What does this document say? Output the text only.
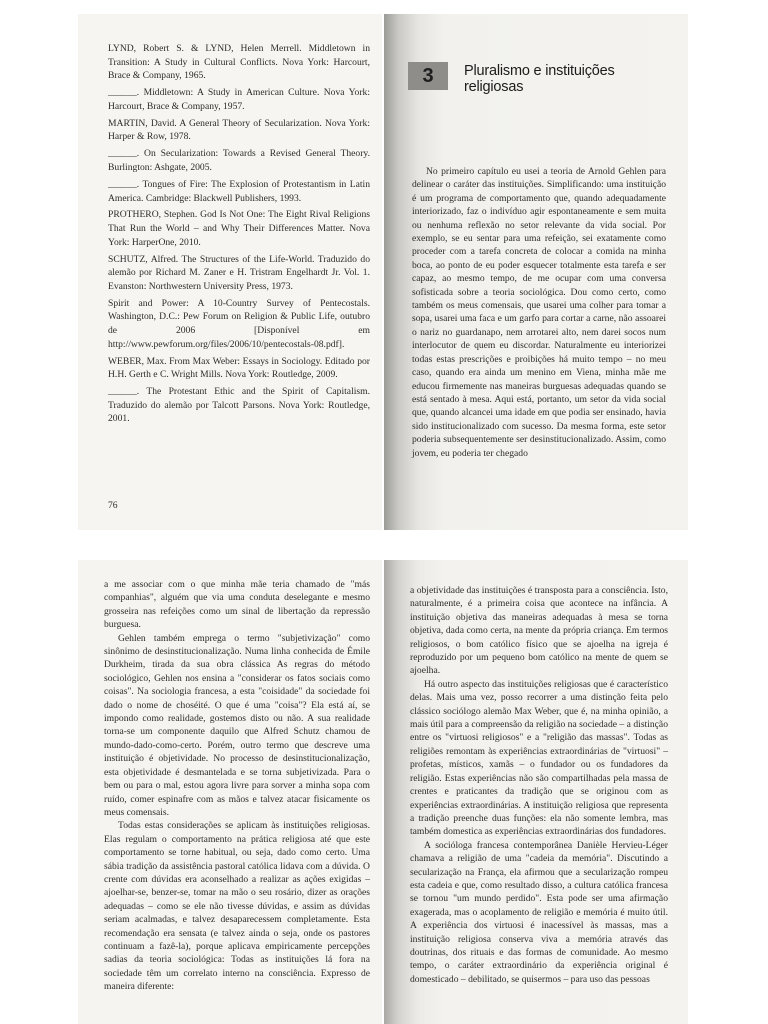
LYND, Robert S. & LYND, Helen Merrell. Middletown in Transition: A Study in Cultural Conflicts. Nova York: Harcourt, Brace & Company, 1965.

______. Middletown: A Study in American Culture. Nova York: Harcourt, Brace & Company, 1957.

MARTIN, David. A General Theory of Secularization. Nova York: Harper & Row, 1978.

______. On Secularization: Towards a Revised General Theory. Burlington: Ashgate, 2005.

______. Tongues of Fire: The Explosion of Protestantism in Latin America. Cambridge: Blackwell Publishers, 1993.

PROTHERO, Stephen. God Is Not One: The Eight Rival Religions That Run the World – and Why Their Differences Matter. Nova York: HarperOne, 2010.

SCHUTZ, Alfred. The Structures of the Life-World. Traduzido do alemão por Richard M. Zaner e H. Tristram Engelhardt Jr. Vol. 1. Evanston: Northwestern University Press, 1973.

Spirit and Power: A 10-Country Survey of Pentecostals. Washington, D.C.: Pew Forum on Religion & Public Life, outubro de 2006 [Disponível em http://www.pewforum.org/files/2006/10/pentecostals-08.pdf].

WEBER, Max. From Max Weber: Essays in Sociology. Editado por H.H. Gerth e C. Wright Mills. Nova York: Routledge, 2009.

______. The Protestant Ethic and the Spirit of Capitalism. Traduzido do alemão por Talcott Parsons. Nova York: Routledge, 2001.

76
3	Pluralismo e instituições religiosas

No primeiro capítulo eu usei a teoria de Arnold Gehlen para delinear o caráter das instituições. Simplificando: uma instituição é um programa de comportamento que, quando adequadamente interiorizado, faz o indivíduo agir espontaneamente e sem muita ou nenhuma reflexão no setor relevante da vida social. Por exemplo, se eu sentar para uma refeição, sei exatamente como proceder com a tarefa concreta de colocar a comida na minha boca, ao ponto de eu poder esquecer totalmente esta tarefa e ser capaz, ao mesmo tempo, de me ocupar com uma conversa sofisticada sobre a teoria sociológica. Dou como certo, como também os meus comensais, que usarei uma colher para tomar a sopa, usarei uma faca e um garfo para cortar a carne, não assoarei o nariz no guardanapo, nem arrotarei alto, nem darei socos num interlocutor de quem eu discordar. Naturalmente eu interiorizei todas estas prescrições e proibições há muito tempo – no meu caso, quando era ainda um menino em Viena, minha mãe me educou firmemente nas maneiras burguesas adequadas quando se está sentado à mesa. Aqui está, portanto, um setor da vida social que, quando alcancei uma idade em que podia ser ensinado, havia sido institucionalizado com sucesso. Da mesma forma, este setor poderia subsequentemente ser desinstitucionalizado. Assim, como jovem, eu poderia ter chegado

a me associar com o que minha mãe teria chamado de "más companhias", alguém que via uma conduta deselegante e mesmo grosseira nas refeições como um sinal de libertação da repressão burguesa.

Gehlen também emprega o termo "subjetivização" como sinônimo de desinstitucionalização. Numa linha conhecida de Émile Durkheim, tirada da sua obra clássica As regras do método sociológico, Gehlen nos ensina a "considerar os fatos sociais como coisas". Na sociologia francesa, a esta "coisidade" da sociedade foi dado o nome de choséité. O que é uma "coisa"? Ela está aí, se impondo como realidade, gostemos disto ou não. A sua realidade torna-se um componente daquilo que Alfred Schutz chamou de mundo-dado-como-certo. Porém, outro termo que descreve uma instituição é objetividade. No processo de desinstitucionalização, esta objetividade é desmantelada e se torna subjetivizada. Para o bem ou para o mal, estou agora livre para sorver a minha sopa com ruído, comer espinafre com as mãos e talvez atacar fisicamente os meus comensais.

Todas estas considerações se aplicam às instituições religiosas. Elas regulam o comportamento na prática religiosa até que este comportamento se torne habitual, ou seja, dado como certo. Uma sábia tradição da assistência pastoral católica lidava com a dúvida. O crente com dúvidas era aconselhado a realizar as ações exigidas – ajoelhar-se, benzer-se, tomar na mão o seu rosário, dizer as orações adequadas – como se ele não tivesse dúvidas, e assim as dúvidas seriam acalmadas, e talvez desaparecessem completamente. Esta recomendação era sensata (e talvez ainda o seja, onde os pastores continuam a fazê-la), porque aplicava empiricamente percepções sadias da teoria sociológica: Todas as instituições lá fora na sociedade têm um correlato interno na consciência. Expresso de maneira diferente:

a objetividade das instituições é transposta para a consciência. Isto, naturalmente, é a primeira coisa que acontece na infância. A instituição objetiva das maneiras adequadas à mesa se torna objetiva, dada como certa, na mente da própria criança. Em termos religiosos, o bom católico físico que se ajoelha na igreja é reproduzido por um pequeno bom católico na mente de quem se ajoelha.

Há outro aspecto das instituições religiosas que é característico delas. Mais uma vez, posso recorrer a uma distinção feita pelo clássico sociólogo alemão Max Weber, que é, na minha opinião, a mais útil para a compreensão da religião na sociedade – a distinção entre os "virtuosi religiosos" e a "religião das massas". Todas as religiões remontam às experiências extraordinárias de "virtuosi" – profetas, místicos, xamãs – o fundador ou os fundadores da religião. Estas experiências não são compartilhadas pela massa de crentes e praticantes da tradição que se originou com as experiências extraordinárias. A instituição religiosa que representa a tradição preenche duas funções: ela não somente lembra, mas também domestica as experiências extraordinárias dos fundadores.

A socióloga francesa contemporânea Danièle Hervieu-Léger chamava a religião de uma "cadeia da memória". Discutindo a secularização na França, ela afirmou que a secularização rompeu esta cadeia e que, como resultado disso, a cultura católica francesa se tornou "um mundo perdido". Esta pode ser uma afirmação exagerada, mas o acoplamento de religião e memória é muito útil. A experiência dos virtuosi é inacessível às massas, mas a instituição religiosa conserva viva a memória através das doutrinas, dos rituais e das formas de comunidade. Ao mesmo tempo, o caráter extraordinário da experiência original é domesticado – debilitado, se quisermos – para uso das pessoas
